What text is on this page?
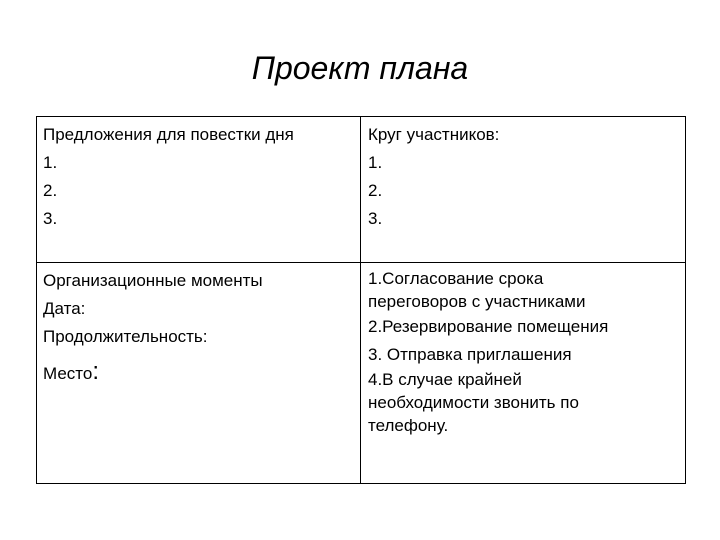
Проект плана
Предложения для повестки дня
1.
2.
3.
Круг участников:
1.
2.
3.
Организационные моменты
Дата:
Продолжительность:
Место:
1.Согласование срока
переговоров с участниками
2.Резервирование помещения
3. Отправка приглашения
4.В случае крайней
необходимости звонить по
телефону.
